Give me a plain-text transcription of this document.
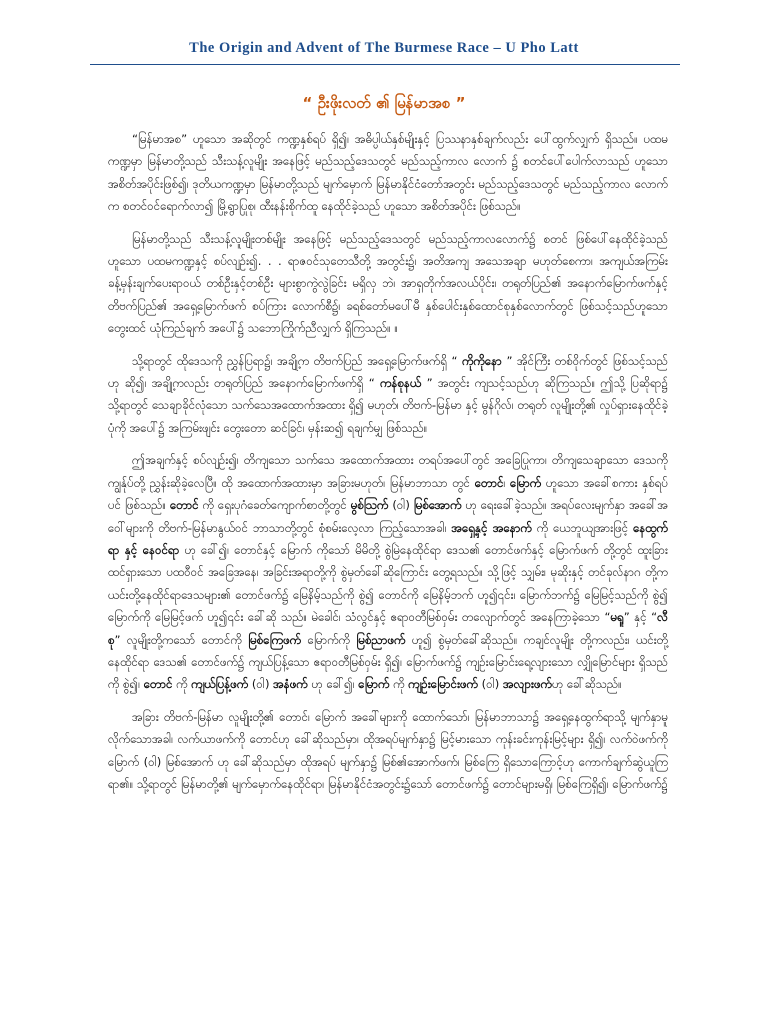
The Origin and Advent of The Burmese Race – U Pho Latt
“ ဦးဖိုးလတ် ၏ မြန်မာအစ ”

“မြန်မာအစ” ဟူသော အဆိုတွင် ကဏ္ဍနှစ်ရပ် ရှိ၍၊ အဓိပ္ပါယ်နှစ်မျိုးနှင့် ပြဿနာနှစ်ချက်လည်း ပေါ်ထွက်လျှက် ရှိသည်။ ပထမကဏ္ဍမှာ မြန်မာတို့သည် သီးသန့်လူမျိုး အနေဖြင့် မည်သည့်ဒေသတွင် မည်သည့်ကာလ လောက် ၌ စတင်ပေါ်ပေါက်လာသည် ဟူသော အစိတ်အပိုင်းဖြစ်၍၊ ဒုတိယကဏ္ဍမှာ မြန်မာတို့သည် မျက်မှောက် မြန်မာနိုင်ငံတော်အတွင်း မည်သည့်ဒေသတွင် မည်သည့်ကာလ လောက်က စတင်ဝင်ရောက်လာ၍ မြို့ရွာပြုစု၊ ထီးနန်းစိုက်ထူ နေထိုင်ခဲ့သည် ဟူသော အစိတ်အပိုင်း ဖြစ်သည်။

မြန်မာတို့သည် သီးသန့်လူမျိုးတစ်မျိုး အနေဖြင့် မည်သည့်ဒေသတွင် မည်သည့်ကာလလောက်၌ စတင် ဖြစ်ပေါ်နေထိုင်ခဲ့သည် ဟူသော ပထမကဏ္ဍနှင့် စပ်လျဉ်း၍. . . ရာဇဝင်သုတေသီတို့ အတွင်း၌၊ အတိအကျ အသေအချာ မဟုတ်စေကာ၊ အကျယ်အကြမ်း ခန့်မှန်းချက်ပေးရာဝယ် တစ်ဦးနှင့်တစ်ဦး များစွာကွဲလွဲခြင်း မရှိလှ ဘဲ၊ အာရှတိုက်အလယ်ပိုင်း၊ တရုတ်ပြည်၏ အနောက်မြောက်ဖက်နှင့် တိဗက်ပြည်၏ အရှေ့မြောက်ဖက် စပ်ကြား လောက်စီ၌၊ ခရစ်တော်မပေါ်မီ နှစ်ပေါင်းနှစ်ထောင်စုနှစ်လောက်တွင် ဖြစ်သင့်သည်ဟူသော တွေးထင် ယုံကြည်ချက် အပေါ်၌ သဘောကြိုက်ညီလျှက် ရှိကြသည်။ ။

သို့ရာတွင် ထိုဒေသကို ညွှန်ပြရာ၌၊ အချို့က တိဗက်ပြည် အရှေ့မြောက်ဖက်ရှိ “ ကိုကိုနော ” အိုင်ကြီး တစ်ဝိုက်တွင် ဖြစ်သင့်သည်ဟု ဆို၍၊ အချို့ကလည်း တရုတ်ပြည် အနောက်မြောက်ဖက်ရှိ “ ကန်စုနယ် ” အတွင်း ကျသင့်သည်ဟု ဆိုကြသည်။ ဤသို့ ပြဆိုရာ၌ သို့ရာတွင် သေချာခိုင်လုံသော သက်သေအထောက်အထား ရှိ၍ မဟုတ်၊ တိဗက်-မြန်မာ နှင့် မွန်ဂိုလ်၊ တရုတ် လူမျိုးတို့၏ လှုပ်ရှားနေထိုင်ခဲ့ပုံကို အပေါ်၌ အကြမ်းဖျင်း တွေးတော ဆင်ခြင်၊ မှန်းဆ၍ ရချက်မျှ ဖြစ်သည်။

ဤအချက်နှင့် စပ်လျဉ်း၍၊ တိကျသော သက်သေ အထောက်အထား တရပ်အပေါ်တွင် အခြေပြုကာ၊ တိကျသေချာသော ဒေသကို ကျွန်ုပ်တို့ ညွှန်းဆိုခဲ့လေပြီ။ ထို အထောက်အထားမှာ အခြားမဟုတ်၊ မြန်မာဘာသာ တွင် တောင်၊ မြောက် ဟူသော အခေါ်စကား နှစ်ရပ်ပင် ဖြစ်သည်။ တောင် ကို ရှေးပုဂံခေတ်ကျောက်စာတို့တွင် မွစ်သြက် (ဝါ) မြစ်အောက် ဟု ရေးခေါ်ခဲ့သည်။ အရပ်လေးမျက်နှာ အခေါ်အဝေါ်များကို တိဗက်-မြန်မာနွယ်ဝင် ဘာသာတို့တွင် စုံစမ်းလေ့လာ ကြည့်သောအခါ၊ အရှေ့နှင့် အနောက် ကို ယေဘူယျအားဖြင့် နေထွက်ရာ နှင့် နေဝင်ရာ ဟု ခေါ်၍၊ တောင်နှင့် မြောက် ကိုသော် မိမိတို့ စွဲမြဲနေထိုင်ရာ ဒေသ၏ တောင်ဖက်နှင့် မြောက်ဖက် တို့တွင် ထူးခြားထင်ရှားသော ပထဝီဝင် အခြေအနေ၊ အခြင်းအရာတို့ကို စွဲမှတ်ခေါ်ဆိုကြောင်း တွေ့ရသည်။ သို့ဖြင့် သျှမ်း၊ မုဆိုးနှင့် တင်ခုလ်နာဂ တို့က ယင်းတို့နေထိုင်ရာဒေသများ၏ တောင်ဖက်၌ မြေနိမ့်သည်ကို စွဲ၍ တောင်ကို မြေနိမ့်ဘက် ဟူ၍၎င်း၊ မြောက်ဘက်၌ မြေမြင့်သည်ကို စွဲ၍ မြောက်ကို မြေမြင့်ဖက် ဟူ၍၎င်း ခေါ်ဆို သည်။ မဲခေါင်၊ သံလွင်နှင့် ဧရာဝတီမြစ်ဝှမ်း တလျောက်တွင် အနေကြာခဲ့သော “မရူ” နှင့် “လီစု” လူမျိုးတို့ကသော် တောင်ကို မြစ်ကြေဖက် မြောက်ကို မြစ်ညာဖက် ဟူ၍ စွဲမှတ်ခေါ်ဆိုသည်။ ကချင်လူမျိုး တို့ကလည်း၊ ယင်းတို့ နေထိုင်ရာ ဒေသ၏ တောင်ဖက်၌ ကျယ်ပြန့်သော ဧရာဝတီမြစ်ဝှမ်း ရှိ၍၊ မြောက်ဖက်၌ ကျဉ်းမြောင်းရေ့လျားသော လျှိုမြောင်များ ရှိသည်ကို စွဲ၍၊ တောင် ကို ကျယ်ပြန့်ဖက် (ဝါ) အနံဖက် ဟု ခေါ်၍၊ မြောက် ကို ကျဉ်းမြောင်းဖက် (ဝါ) အလျားဖက်ဟု ခေါ်ဆိုသည်။

အခြား တိဗက်-မြန်မာ လူမျိုးတို့၏ တောင်၊ မြောက် အခေါ်များကို ထောက်သော်၊ မြန်မာဘာသာ၌ အရှေ့နေထွက်ရာသို့ မျက်နှာမူလိုက်သောအခါ၊ လက်ယာဖက်ကို တောင်ဟု ခေါ်ဆိုသည်မှာ၊ ထိုအရပ်မျက်နှာ၌ မြင့်မားသော ကုန်းခင်းကုန်းမြင့်များ ရှိ၍၊ လက်ဝဲဖက်ကို မြောက် (ဝါ) မြစ်အောက် ဟု ခေါ်ဆိုသည်မှာ ထိုအရပ် မျက်နှာ၌ မြစ်၏အောက်ဖက်၊ မြစ်ကြေ ရှိသောကြောင့်ဟု ကောက်ချက်ဆွဲယူကြရာ၏။ သို့ရာတွင် မြန်မာတို့၏ မျက်မှောက်နေထိုင်ရာ၊ မြန်မာနိုင်ငံအတွင်း၌သော် တောင်ဖက်၌ တောင်များမရှိ၊ မြစ်ကြေရှိ၍၊ မြောက်ဖက်၌
